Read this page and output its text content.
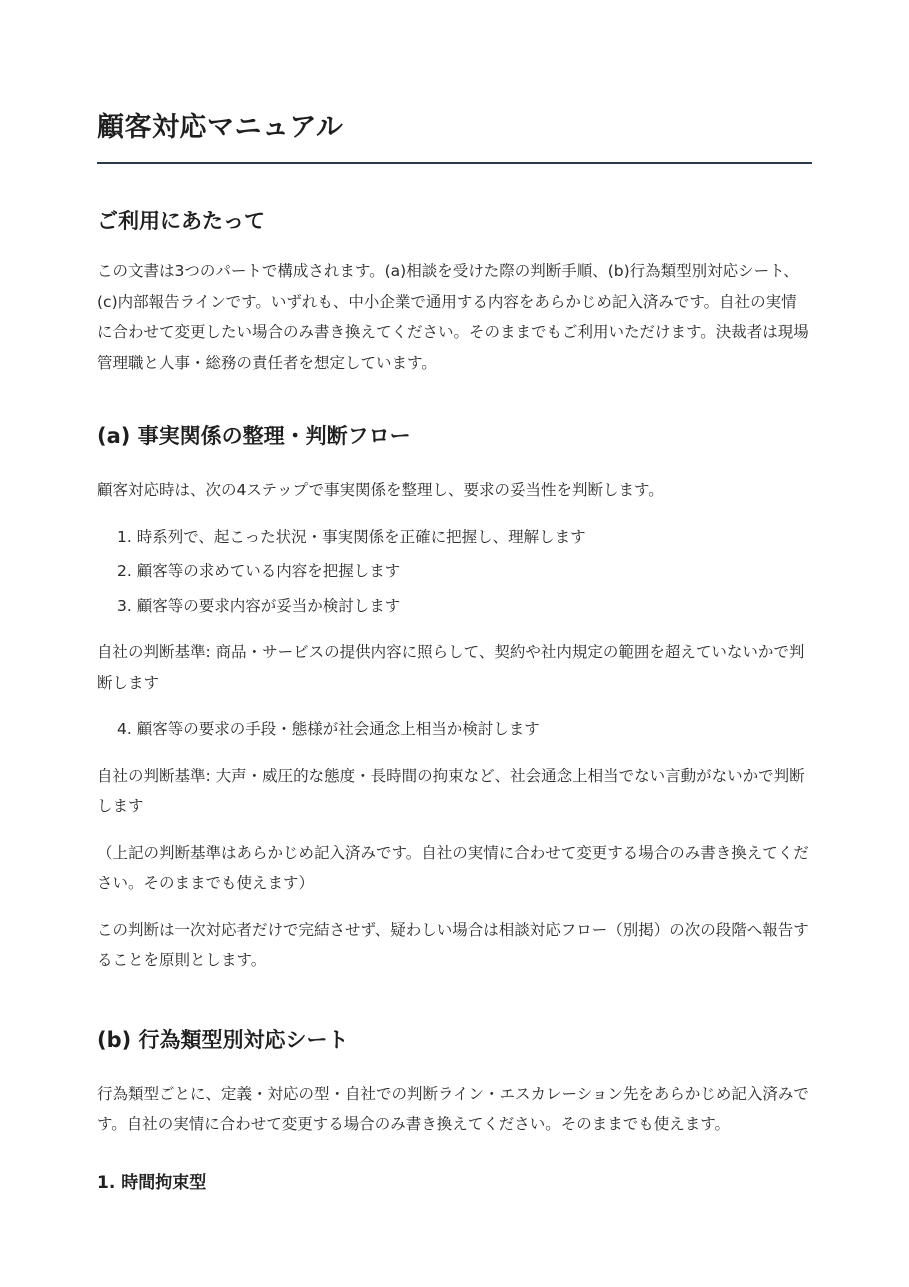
顧客対応マニュアル
ご利用にあたって

この文書は3つのパートで構成されます。(a)相談を受けた際の判断手順、(b)行為類型別対応シート、(c)内部報告ラインです。いずれも、中小企業で通用する内容をあらかじめ記入済みです。自社の実情に合わせて変更したい場合のみ書き換えてください。そのままでもご利用いただけます。決裁者は現場管理職と人事・総務の責任者を想定しています。

(a) 事実関係の整理・判断フロー

顧客対応時は、次の4ステップで事実関係を整理し、要求の妥当性を判断します。

1. 時系列で、起こった状況・事実関係を正確に把握し、理解します
2. 顧客等の求めている内容を把握します
3. 顧客等の要求内容が妥当か検討します

自社の判断基準: 商品・サービスの提供内容に照らして、契約や社内規定の範囲を超えていないかで判断します

4. 顧客等の要求の手段・態様が社会通念上相当か検討します

自社の判断基準: 大声・威圧的な態度・長時間の拘束など、社会通念上相当でない言動がないかで判断します

（上記の判断基準はあらかじめ記入済みです。自社の実情に合わせて変更する場合のみ書き換えてください。そのままでも使えます）

この判断は一次対応者だけで完結させず、疑わしい場合は相談対応フロー（別掲）の次の段階へ報告することを原則とします。

(b) 行為類型別対応シート

行為類型ごとに、定義・対応の型・自社での判断ライン・エスカレーション先をあらかじめ記入済みです。自社の実情に合わせて変更する場合のみ書き換えてください。そのままでも使えます。

1. 時間拘束型
